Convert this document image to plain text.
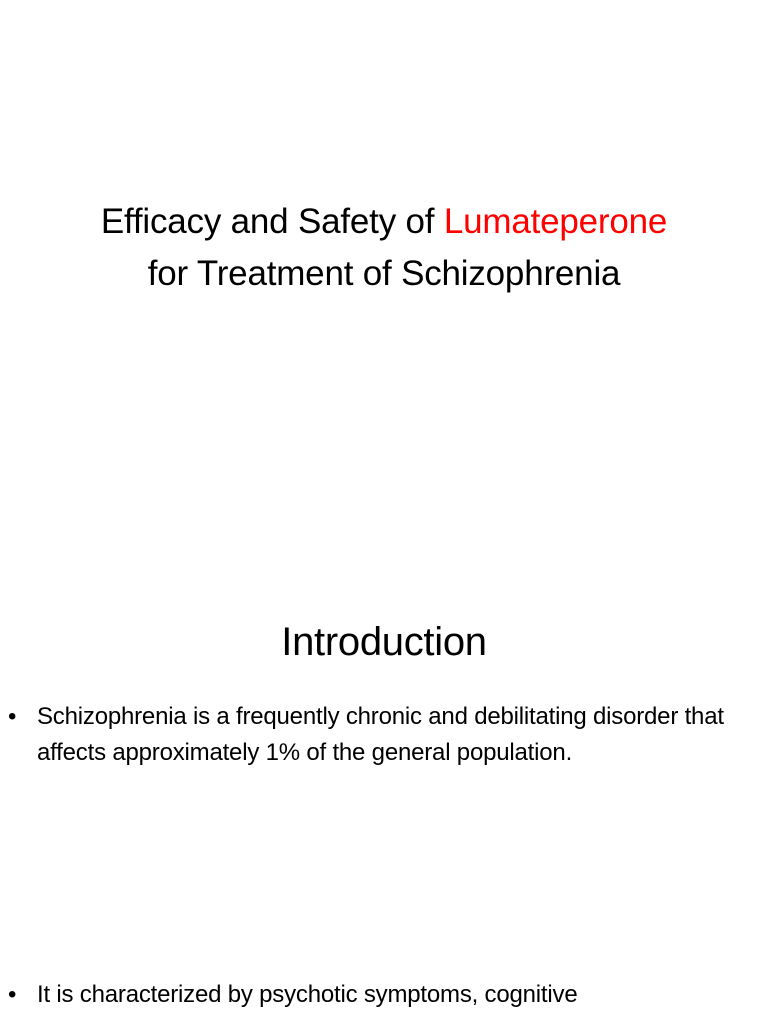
Efficacy and Safety of Lumateperone
for Treatment of Schizophrenia
Introduction
• Schizophrenia is a frequently chronic and debilitating disorder that affects approximately 1% of the general population.
• It is characterized by psychotic symptoms, cognitive
